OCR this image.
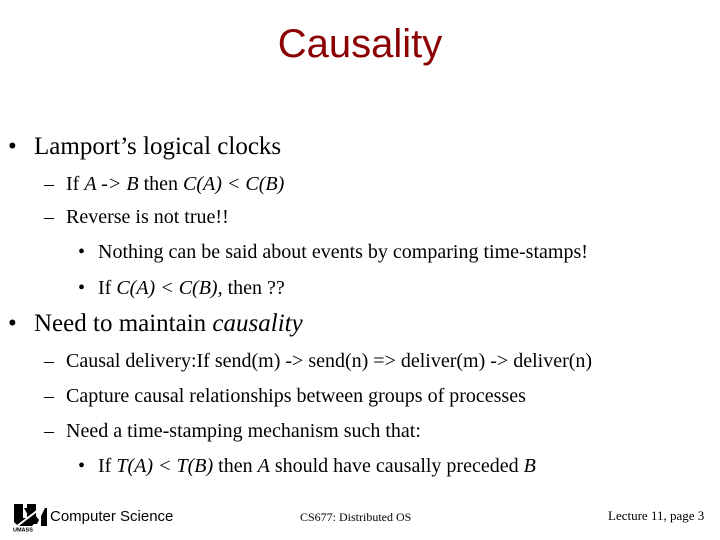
Causality
• Lamport’s logical clocks
– If A -> B then C(A) < C(B)
– Reverse is not true!!
• Nothing can be said about events by comparing time-stamps!
• If C(A) < C(B), then ??
• Need to maintain causality
– Causal delivery:If send(m) -> send(n) => deliver(m) -> deliver(n)
– Capture causal relationships between groups of processes
– Need a time-stamping mechanism such that:
• If T(A) < T(B) then A should have causally preceded B
UMASS
Computer Science	CS677: Distributed OS	Lecture 11, page 3
